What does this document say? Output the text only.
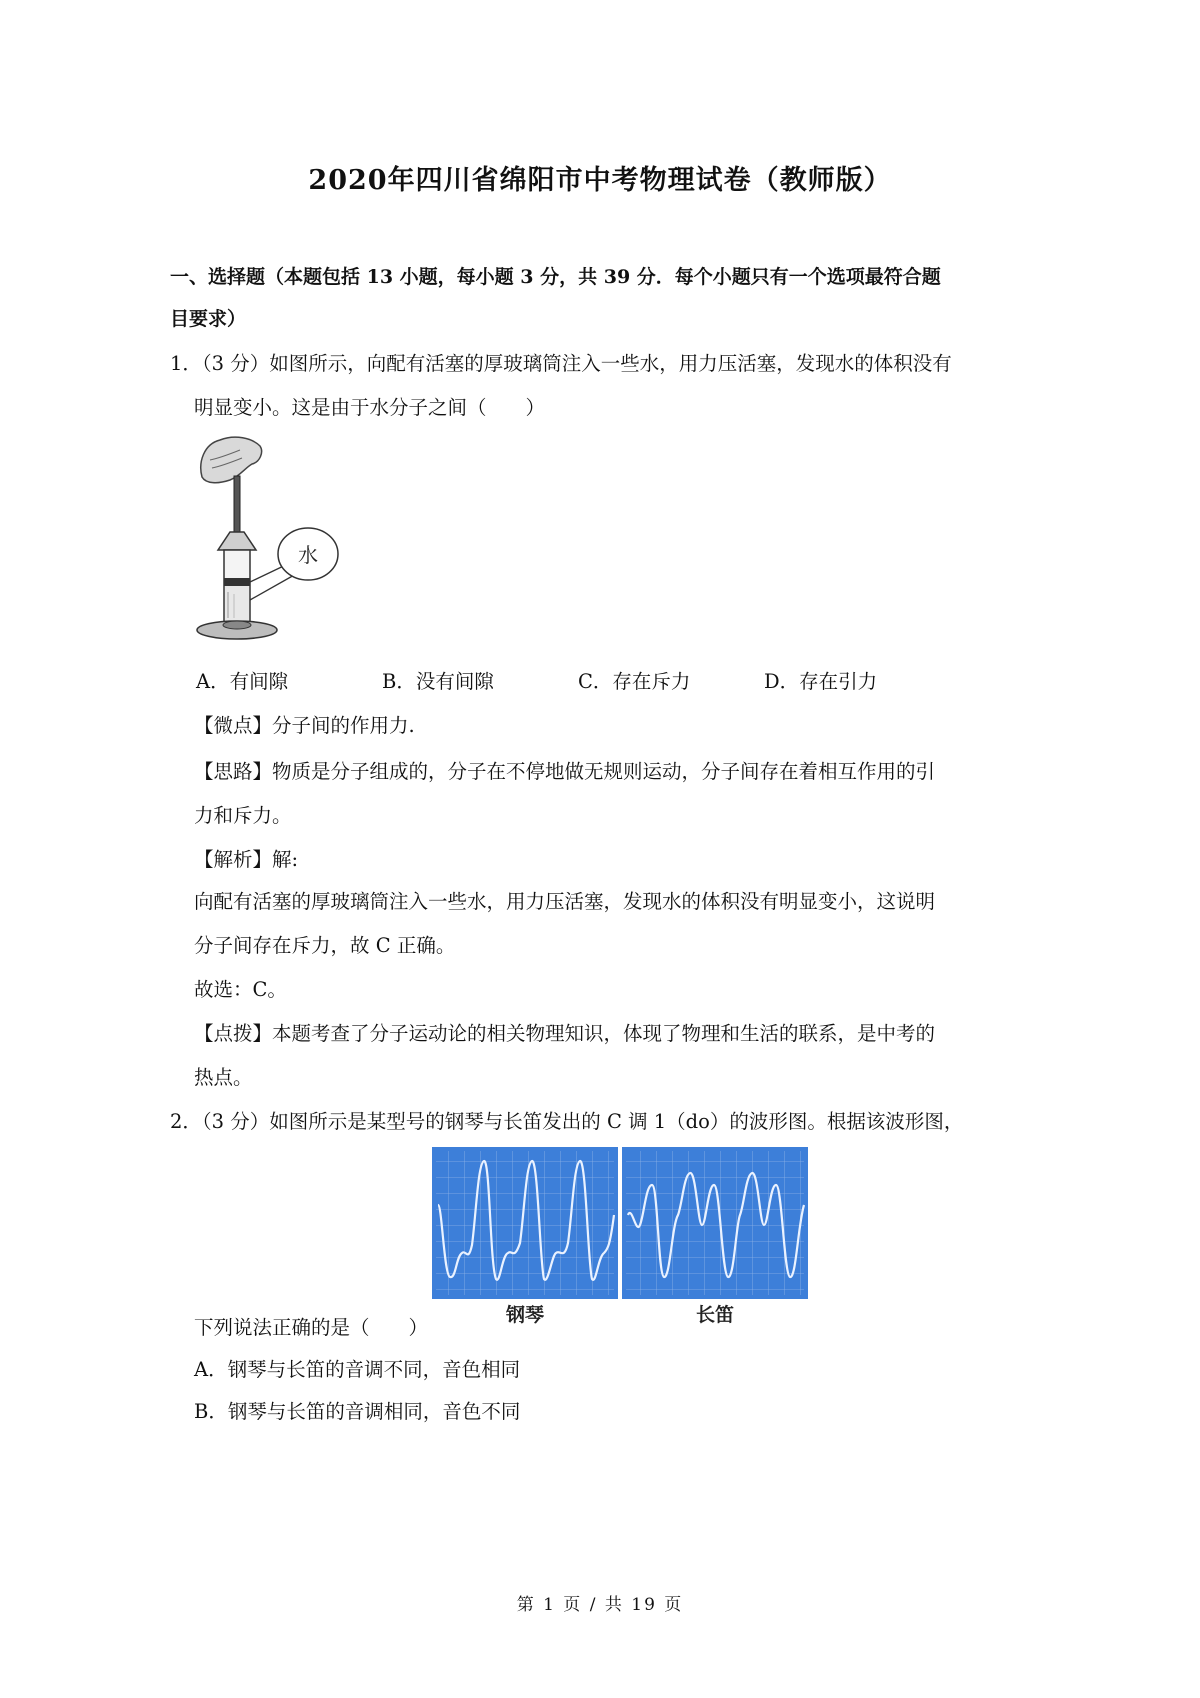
2020年四川省绵阳市中考物理试卷（教师版）
一、选择题（本题包括 13 小题，每小题 3 分，共 39 分．每个小题只有一个选项最符合题
目要求）
1．（3 分）如图所示，向配有活塞的厚玻璃筒注入一些水，用力压活塞，发现水的体积没有
明显变小。这是由于水分子之间（　　）
水
A．有间隙	B．没有间隙	C．存在斥力	D．存在引力
【微点】分子间的作用力.
【思路】物质是分子组成的，分子在不停地做无规则运动，分子间存在着相互作用的引
力和斥力。
【解析】解:
向配有活塞的厚玻璃筒注入一些水，用力压活塞，发现水的体积没有明显变小，这说明
分子间存在斥力，故 C 正确。
故选：C。
【点拨】本题考查了分子运动论的相关物理知识，体现了物理和生活的联系，是中考的
热点。
2．（3 分）如图所示是某型号的钢琴与长笛发出的 C 调 1（do）的波形图。根据该波形图，
钢琴	长笛
下列说法正确的是（　　）
A．钢琴与长笛的音调不同，音色相同
B．钢琴与长笛的音调相同，音色不同
第 1 页 / 共 19 页
